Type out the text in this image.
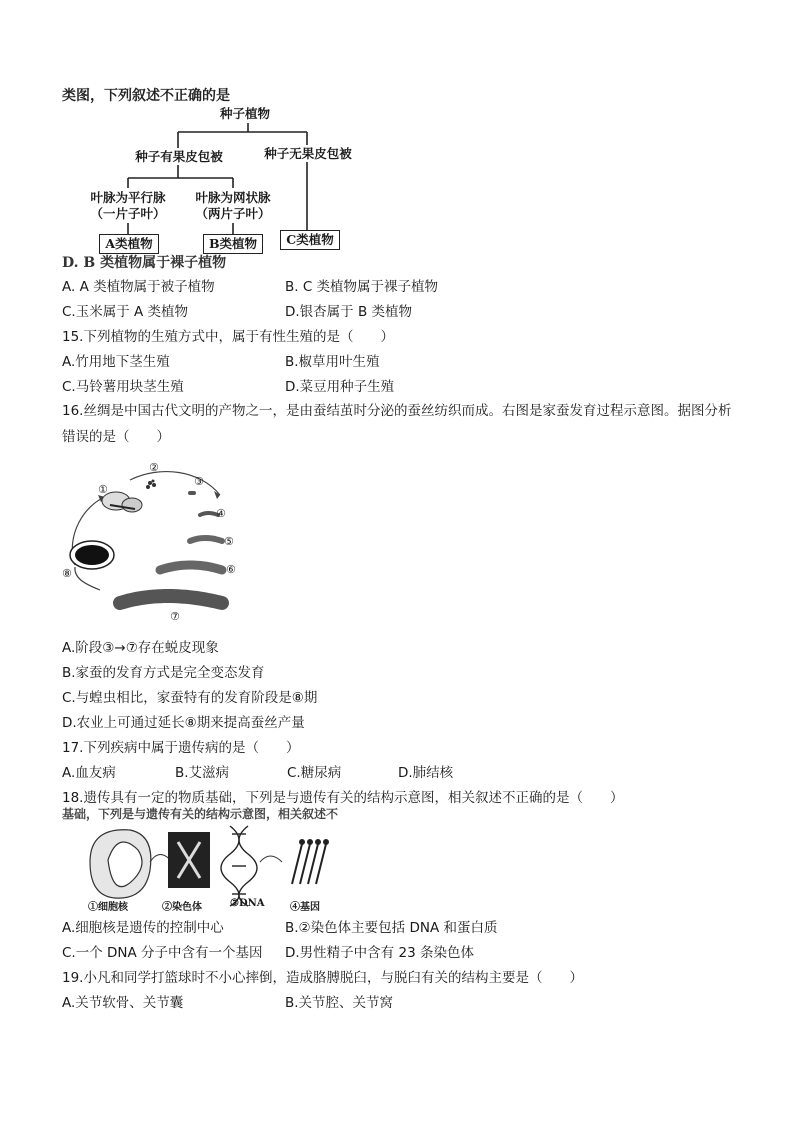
类图，下列叙述不正确的是
种子植物
种子有果皮包被	种子无果皮包被
叶脉为平行脉
（一片子叶）
叶脉为网状脉
（两片子叶）
A类植物	B类植物	C类植物
D. B 类植物属于裸子植物
A. A 类植物属于被子植物	B. C 类植物属于裸子植物
C.玉米属于 A 类植物	D.银杏属于 B 类植物
15.下列植物的生殖方式中，属于有性生殖的是（　　）
A.竹用地下茎生殖	B.椒草用叶生殖
C.马铃薯用块茎生殖	D.菜豆用种子生殖
16.丝绸是中国古代文明的产物之一，是由蚕结茧时分泌的蚕丝纺织而成。右图是家蚕发育过程示意图。据图分析错误的是（　　）
①
②
③
④
⑤
⑥
⑦
⑧
A.阶段③→⑦存在蜕皮现象
B.家蚕的发育方式是完全变态发育
C.与蝗虫相比，家蚕特有的发育阶段是⑧期
D.农业上可通过延长⑧期来提高蚕丝产量
17.下列疾病中属于遗传病的是（　　）
A.血友病	B.艾滋病	C.糖尿病	D.肺结核
18.遗传具有一定的物质基础，下列是与遗传有关的结构示意图，相关叙述不正确的是（　　）
基础，下列是与遗传有关的结构示意图，相关叙述不
①细胞核	②染色体	③DNA	④基因
A.细胞核是遗传的控制中心	B.②染色体主要包括 DNA 和蛋白质
C.一个 DNA 分子中含有一个基因 D.男性精子中含有 23 条染色体
19.小凡和同学打篮球时不小心摔倒，造成胳膊脱臼，与脱臼有关的结构主要是（　　）
A.关节软骨、关节囊	B.关节腔、关节窝
